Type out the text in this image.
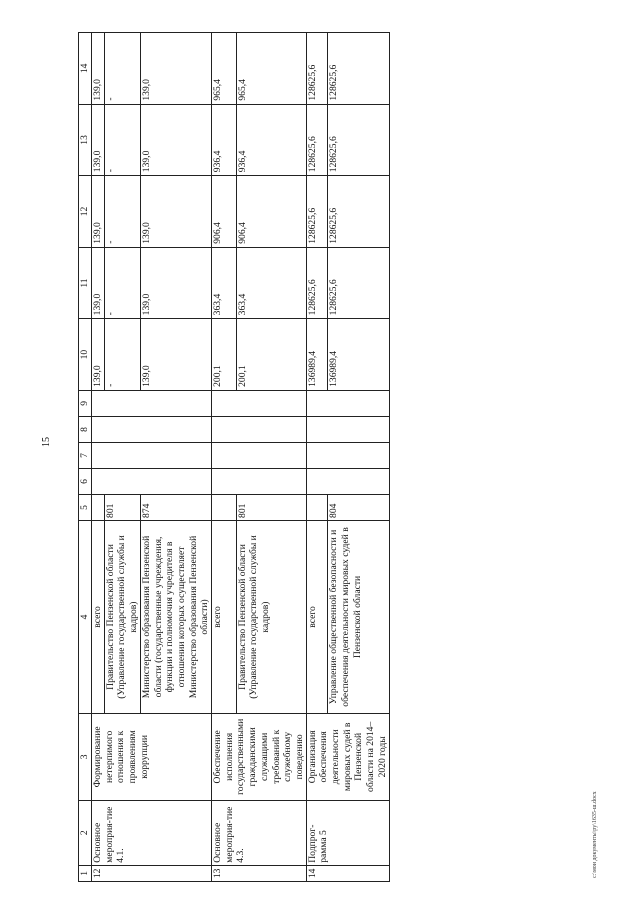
15
c:\мои документы\ру\1635-ш.docx
1	2	3	4	5	6	7	8	9	10	11	12	13	14
12	Основное мероприя-тие 4.1.	Формирование нетерпимого отношения к проявлениям коррупции	всего						139,0	139,0	139,0	139,0	139,0
			Правительство Пензенской области (Управление государственной службы и кадров)	801					-	-	-	-	-
			Министерство образования Пензенской области (государственные учреждения, функции и полномочия учредителя в отношении которых осуществляет Министерство образования Пензенской области)	874					139,0	139,0	139,0	139,0	139,0
13	Основное мероприя-тие 4.3.	Обеспечение исполнения государственными гражданскими служащими требований к служебному поведению	всего						200,1	363,4	906,4	936,4	965,4
			Правительство Пензенской области (Управление государственной службы и кадров)	801					200,1	363,4	906,4	936,4	965,4
14	Подпрог-рамма 5	Организация обеспечения деятельности мировых судей в Пензенской области на 2014–2020 годы	всего						136989,4	128625,6	128625,6	128625,6	128625,6
			Управление общественной безопасности и обеспечения деятельности мировых судей в Пензенской области	804					136989,4	128625,6	128625,6	128625,6	128625,6
